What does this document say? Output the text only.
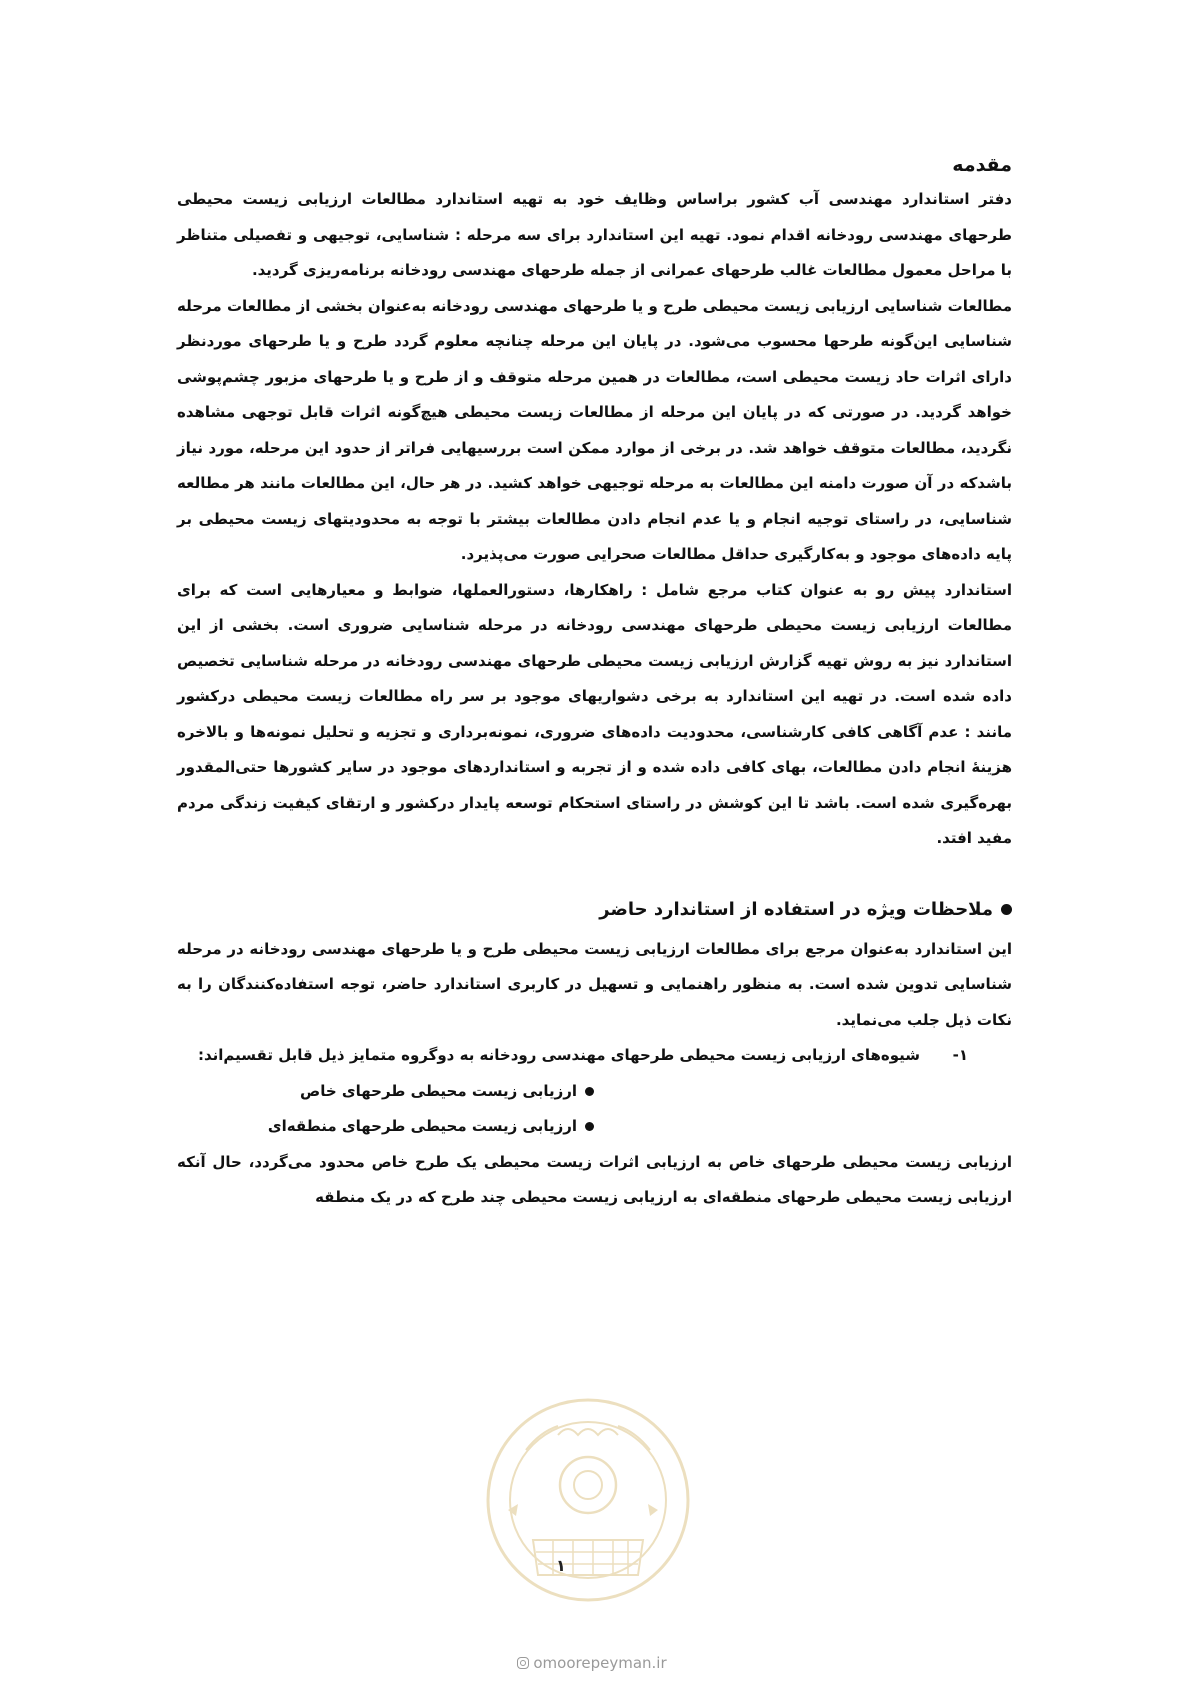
مقدمه

دفتر استاندارد مهندسی آب کشور براساس وظایف خود به تهیه استاندارد مطالعات ارزیابی زیست محیطی طرحهای مهندسی رودخانه اقدام نمود. تهیه این استاندارد برای سه مرحله : شناسایی، توجیهی و تفصیلی متناظر با مراحل معمول مطالعات غالب طرحهای عمرانی از جمله طرحهای مهندسی رودخانه برنامه‌ریزی گردید.

مطالعات شناسایی ارزیابی زیست محیطی طرح و یا طرحهای مهندسی رودخانه به‌عنوان بخشی از مطالعات مرحله شناسایی این‌گونه طرحها محسوب می‌شود. در پایان این مرحله چنانچه معلوم گردد طرح و یا طرحهای موردنظر دارای اثرات حاد زیست محیطی است، مطالعات در همین مرحله متوقف و از طرح و یا طرحهای مزبور چشم‌پوشی خواهد گردید. در صورتی که در پایان این مرحله از مطالعات زیست محیطی هیچ‌گونه اثرات قابل توجهی مشاهده نگردید، مطالعات متوقف خواهد شد. در برخی از موارد ممکن است بررسیهایی فراتر از حدود این مرحله، مورد نیاز باشدکه در آن صورت دامنه این مطالعات به مرحله توجیهی خواهد کشید. در هر حال، این مطالعات مانند هر مطالعه شناسایی، در راستای توجیه انجام و یا عدم انجام دادن مطالعات بیشتر با توجه به محدودیتهای زیست محیطی بر پایه داده‌های موجود و به‌کارگیری حداقل مطالعات صحرایی صورت می‌پذیرد.

استاندارد پیش رو به عنوان کتاب مرجع شامل : راهکارها، دستورالعملها، ضوابط و معیارهایی است که برای مطالعات ارزیابی زیست محیطی طرحهای مهندسی رودخانه در مرحله شناسایی ضروری است. بخشی از این استاندارد نیز به روش تهیه گزارش ارزیابی زیست محیطی طرحهای مهندسی رودخانه در مرحله شناسایی تخصیص داده شده است. در تهیه این استاندارد به برخی دشواریهای موجود بر سر راه مطالعات زیست محیطی درکشور مانند : عدم آگاهی کافی کارشناسی، محدودیت داده‌های ضروری، نمونه‌برداری و تجزیه و تحلیل نمونه‌ها و بالاخره هزینهٔ انجام دادن مطالعات، بهای کافی داده شده و از تجربه و استانداردهای موجود در سایر کشورها حتی‌المقدور بهره‌گیری شده است. باشد تا این کوشش در راستای استحکام توسعه پایدار درکشور و ارتقای کیفیت زندگی مردم مفید افتد.

ملاحظات ویژه در استفاده از استاندارد حاضر

این استاندارد به‌عنوان مرجع برای مطالعات ارزیابی زیست محیطی طرح و یا طرحهای مهندسی رودخانه در مرحله شناسایی تدوین شده است. به منظور راهنمایی و تسهیل در کاربری استاندارد حاضر، توجه استفاده‌کنندگان را به نکات ذیل جلب می‌نماید.

۱-
شیوه‌های ارزیابی زیست محیطی طرحهای مهندسی رودخانه به دوگروه متمایز ذیل قابل تقسیم‌اند:
ارزیابی زیست محیطی طرحهای خاص
ارزیابی زیست محیطی طرحهای منطقه‌ای

ارزیابی زیست محیطی طرحهای خاص به ارزیابی اثرات زیست محیطی یک طرح خاص محدود می‌گردد، حال آنکه ارزیابی زیست محیطی طرحهای منطقه‌ای به ارزیابی زیست محیطی چند طرح که در یک منطقه

۱
omoorepeyman.ir
